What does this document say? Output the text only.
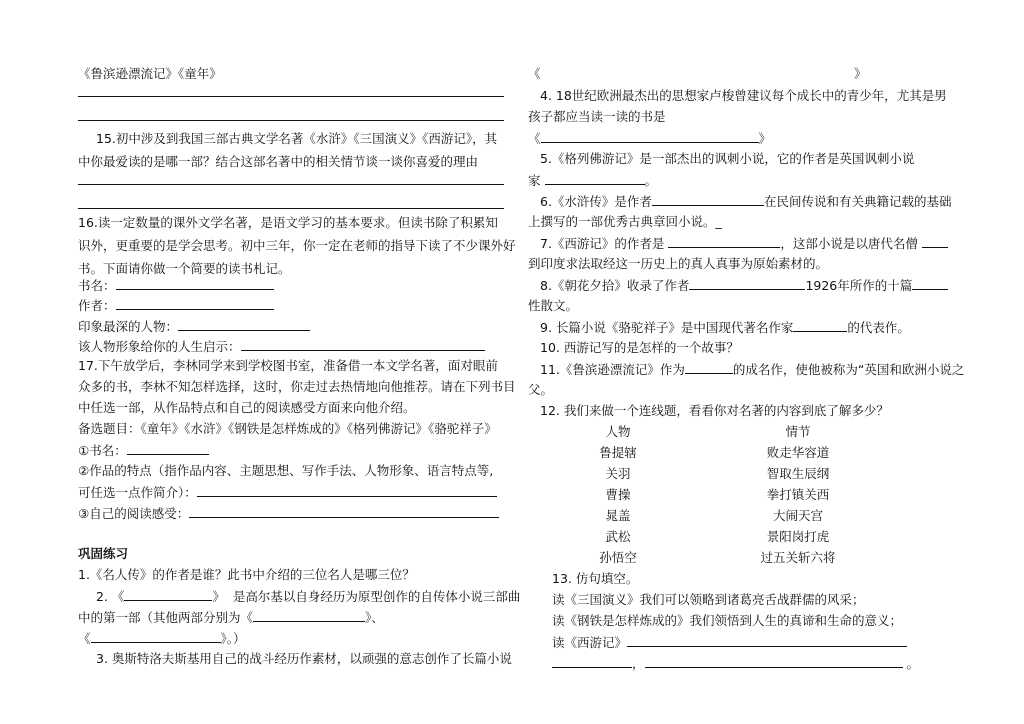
《鲁滨逊漂流记》《童年》
15.初中涉及到我国三部古典文学名著《水浒》《三国演义》《西游记》，其
中你最爱读的是哪一部？结合这部名著中的相关情节谈一谈你喜爱的理由
16.读一定数量的课外文学名著，是语文学习的基本要求。但读书除了积累知
识外，更重要的是学会思考。初中三年，你一定在老师的指导下读了不少课外好
书。下面请你做一个简要的读书札记。
书名：
作者：
印象最深的人物：
该人物形象给你的人生启示：
17.下午放学后，李林同学来到学校图书室，准备借一本文学名著，面对眼前
众多的书，李林不知怎样选择，这时，你走过去热情地向他推荐。请在下列书目
中任选一部，从作品特点和自己的阅读感受方面来向他介绍。
备选题目：《童年》《水浒》《钢铁是怎样炼成的》《格列佛游记》《骆驼祥子》
①书名：
②作品的特点（指作品内容、主题思想、写作手法、人物形象、语言特点等,
可任选一点作简介）：
③自己的阅读感受：
巩固练习
1.《名人传》的作者是谁？此书中介绍的三位名人是哪三位？
2. 《	》 是高尔基以自身经历为原型创作的自传体小说三部曲
中的第一部（其他两部分别为《	》、
《	》。）
3. 奥斯特洛夫斯基用自己的战斗经历作素材，以顽强的意志创作了长篇小说
《	》
4. 18世纪欧洲最杰出的思想家卢梭曾建议每个成长中的青少年，尤其是男
孩子都应当读一读的书是
《	》
5.《格列佛游记》是一部杰出的讽刺小说，它的作者是英国讽刺小说
家	。
6.《水浒传》是作者	在民间传说和有关典籍记载的基础
上撰写的一部优秀古典章回小说。_
7.《西游记》的作者是	，这部小说是以唐代名僧
到印度求法取经这一历史上的真人真事为原始素材的。
8.《朝花夕拾》收录了作者	1926年所作的十篇
性散文。
9. 长篇小说《骆驼祥子》是中国现代著名作家	的代表作。
10. 西游记写的是怎样的一个故事？
11.《鲁滨逊漂流记》作为	的成名作，使他被称为“英国和欧洲小说之
父。
12. 我们来做一个连线题，看看你对名著的内容到底了解多少？
人物	情节
鲁提辖	败走华容道
关羽	智取生辰纲
曹操	拳打镇关西
晁盖	大闹天宫
武松	景阳岗打虎
孙悟空	过五关斩六将
13. 仿句填空。
读《三国演义》我们可以领略到诸葛亮舌战群儒的风采；
读《钢铁是怎样炼成的》我们领悟到人生的真谛和生命的意义；
读《西游记》
，	。
